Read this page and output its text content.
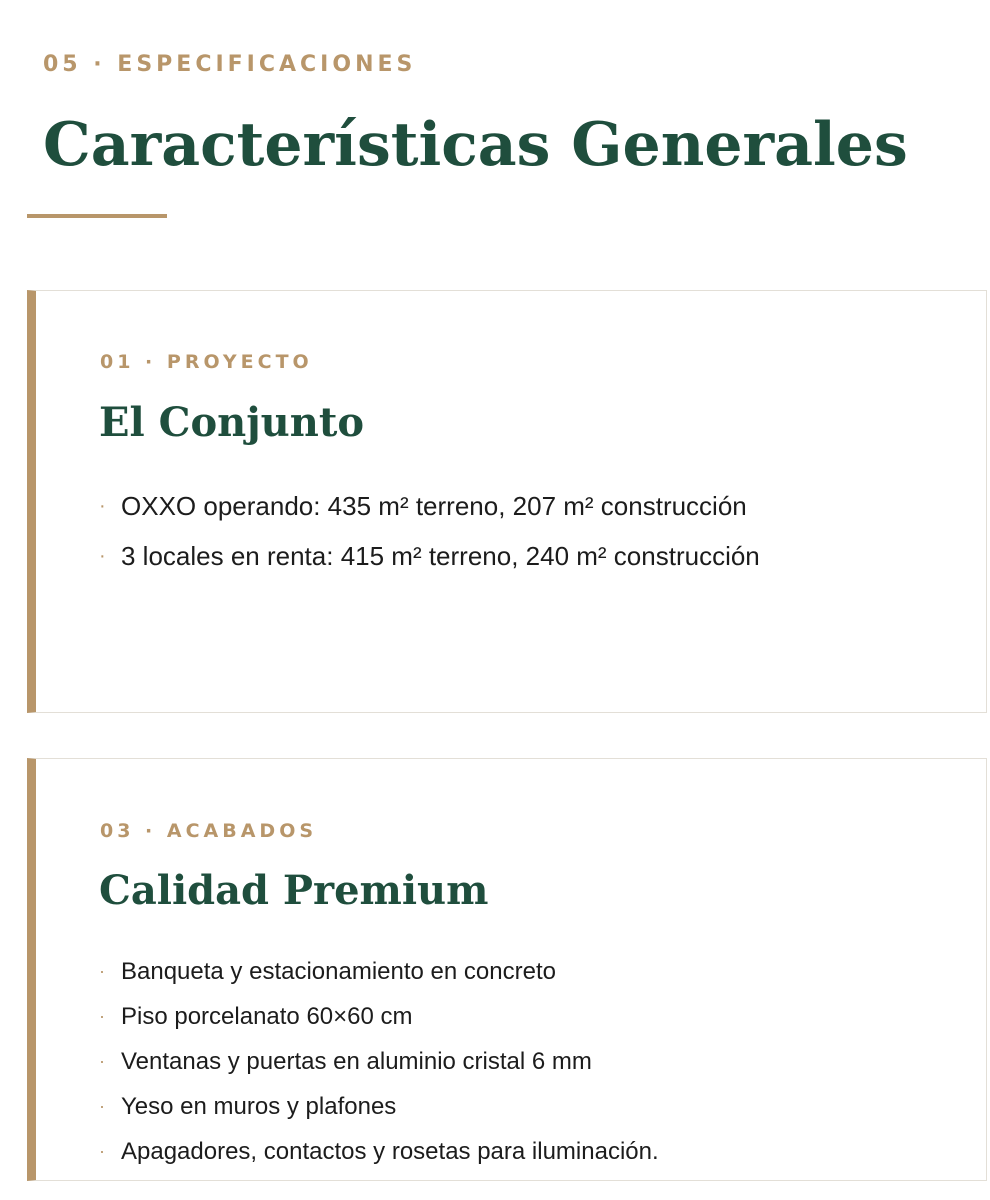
05 · ESPECIFICACIONES
Características Generales
01 · PROYECTO
El Conjunto
· OXXO operando: 435 m² terreno, 207 m² construcción
· 3 locales en renta: 415 m² terreno, 240 m² construcción
03 · ACABADOS
Calidad Premium
· Banqueta y estacionamiento en concreto
· Piso porcelanato 60×60 cm
· Ventanas y puertas en aluminio cristal 6 mm
· Yeso en muros y plafones
· Apagadores, contactos y rosetas para iluminación.
